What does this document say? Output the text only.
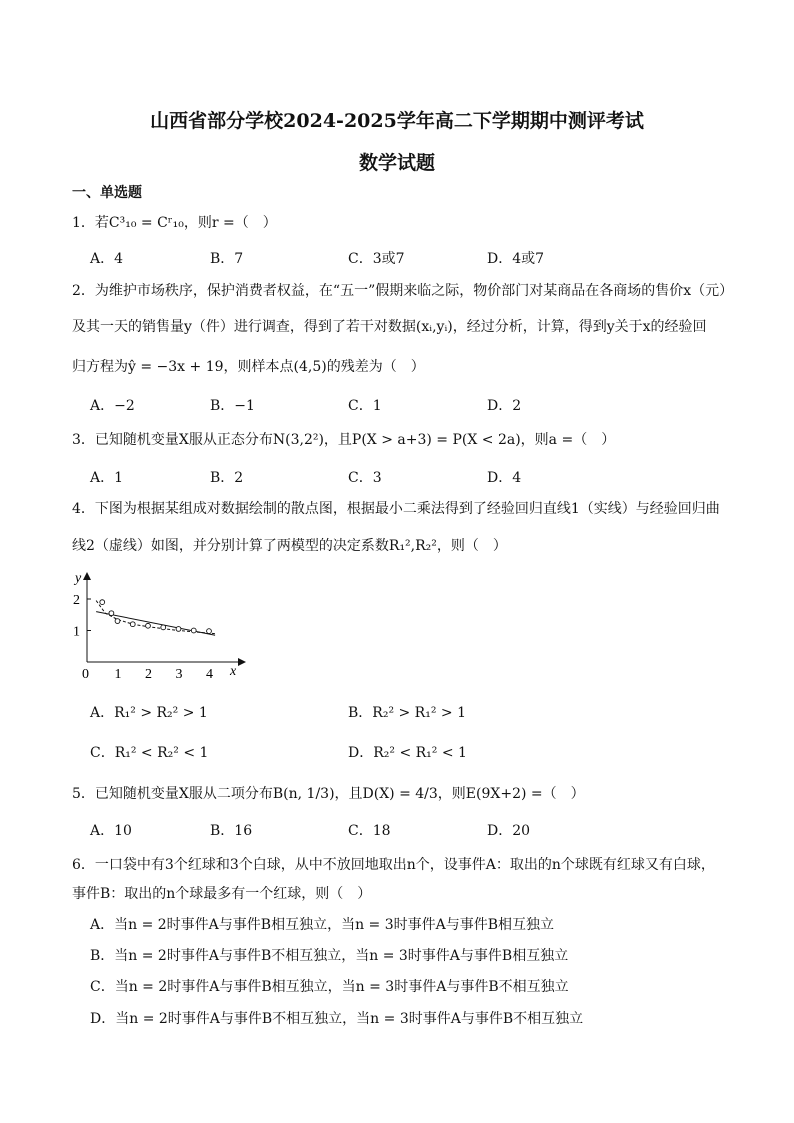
山西省部分学校2024-2025学年高二下学期期中测评考试
数学试题
一、单选题
1．若C³₁₀ = Cʳ₁₀，则r =（　）
A．4	B．7	C．3或7	D．4或7
2．为维护市场秩序，保护消费者权益，在“五一”假期来临之际，物价部门对某商品在各商场的售价x（元）
及其一天的销售量y（件）进行调查，得到了若干对数据(xᵢ,yᵢ)，经过分析，计算，得到y关于x的经验回
归方程为ŷ = −3x + 19，则样本点(4,5)的残差为（　）
A．−2	B．−1	C．1	D．2
3．已知随机变量X服从正态分布N(3,2²)，且P(X > a+3) = P(X < 2a)，则a =（　）
A．1	B．2	C．3	D．4
4．下图为根据某组成对数据绘制的散点图，根据最小二乘法得到了经验回归直线1（实线）与经验回归曲
线2（虚线）如图，并分别计算了两模型的决定系数R₁²,R₂²，则（　）
0 1 2 3 4
1
2
y
x
A．R₁² > R₂² > 1	B．R₂² > R₁² > 1
C．R₁² < R₂² < 1	D．R₂² < R₁² < 1
5．已知随机变量X服从二项分布B(n, 1/3)，且D(X) = 4/3，则E(9X+2) =（　）
A．10	B．16	C．18	D．20
6．一口袋中有3个红球和3个白球，从中不放回地取出n个，设事件A：取出的n个球既有红球又有白球，
事件B：取出的n个球最多有一个红球，则（　）
A．当n = 2时事件A与事件B相互独立，当n = 3时事件A与事件B相互独立
B．当n = 2时事件A与事件B不相互独立，当n = 3时事件A与事件B相互独立
C．当n = 2时事件A与事件B相互独立，当n = 3时事件A与事件B不相互独立
D．当n = 2时事件A与事件B不相互独立，当n = 3时事件A与事件B不相互独立
